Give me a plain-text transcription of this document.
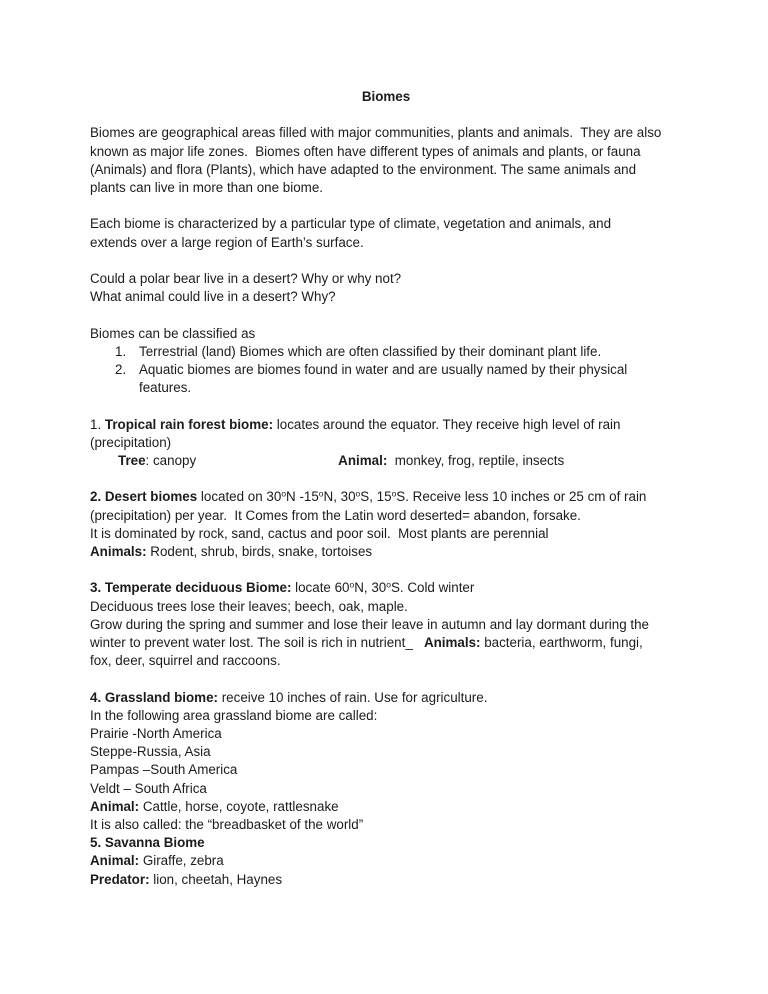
Biomes
Biomes are geographical areas filled with major communities, plants and animals.  They are also
known as major life zones.  Biomes often have different types of animals and plants, or fauna
(Animals) and flora (Plants), which have adapted to the environment. The same animals and
plants can live in more than one biome.
Each biome is characterized by a particular type of climate, vegetation and animals, and
extends over a large region of Earth’s surface.
Could a polar bear live in a desert? Why or why not?
What animal could live in a desert? Why?
Biomes can be classified as
1. Terrestrial (land) Biomes which are often classified by their dominant plant life.
2. Aquatic biomes are biomes found in water and are usually named by their physical
features.
1. Tropical rain forest biome: locates around the equator. They receive high level of rain
(precipitation)
Tree: canopy	Animal:  monkey, frog, reptile, insects
2. Desert biomes located on 30$^o$N -15$^o$N, 30$^o$S, 15$^o$S. Receive less 10 inches or 25 cm of rain
(precipitation) per year.  It Comes from the Latin word deserted= abandon, forsake.
It is dominated by rock, sand, cactus and poor soil.  Most plants are perennial
Animals: Rodent, shrub, birds, snake, tortoises
3. Temperate deciduous Biome: locate 60$^o$N, 30$^o$S. Cold winter
Deciduous trees lose their leaves; beech, oak, maple.
Grow during the spring and summer and lose their leave in autumn and lay dormant during the
winter to prevent water lost. The soil is rich in nutrient_   Animals: bacteria, earthworm, fungi,
fox, deer, squirrel and raccoons.
4. Grassland biome: receive 10 inches of rain. Use for agriculture.
In the following area grassland biome are called:
Prairie -North America
Steppe-Russia, Asia
Pampas –South America
Veldt – South Africa
Animal: Cattle, horse, coyote, rattlesnake
It is also called: the “breadbasket of the world”
5. Savanna Biome
Animal: Giraffe, zebra
Predator: lion, cheetah, Haynes
